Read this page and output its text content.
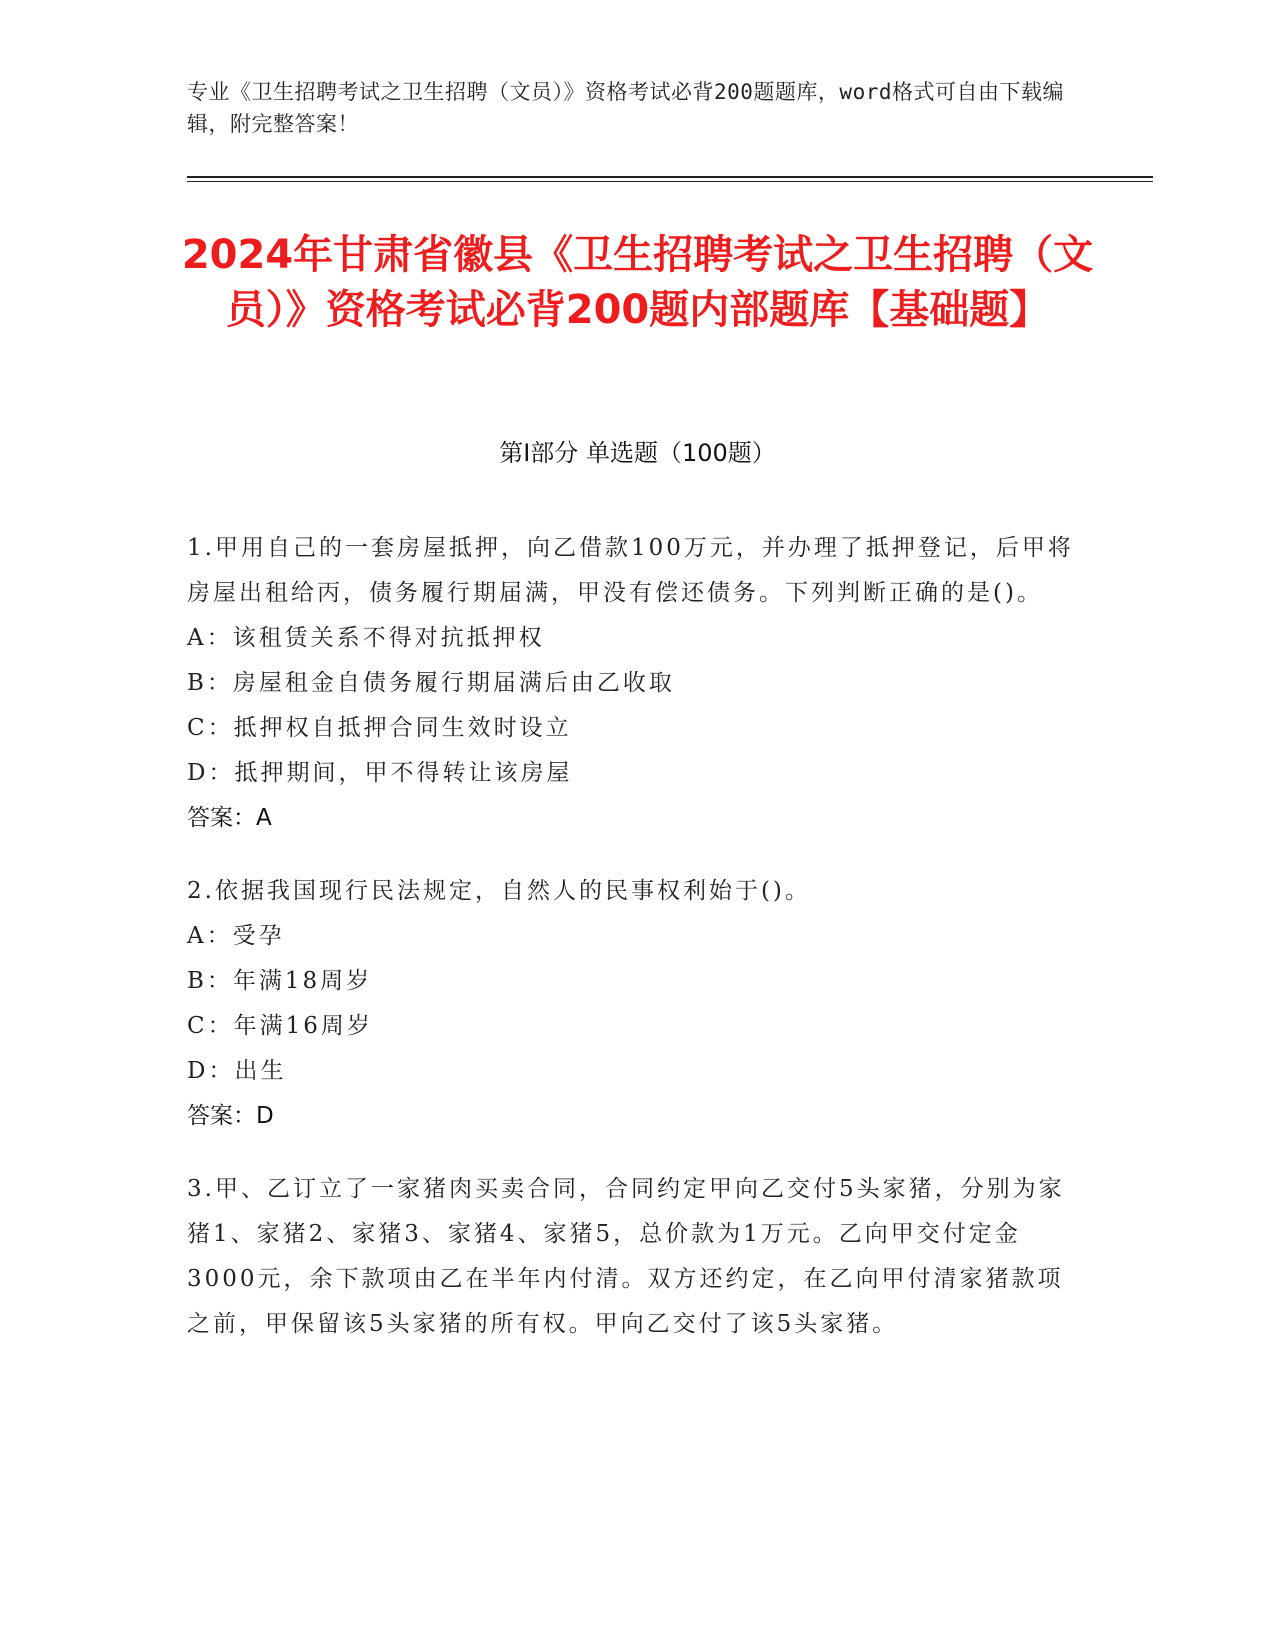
专业《卫生招聘考试之卫生招聘（文员）》资格考试必背200题题库，word格式可自由下载编辑，附完整答案！
2024年甘肃省徽县《卫生招聘考试之卫生招聘（文员）》资格考试必背200题内部题库【基础题】
第Ⅰ部分 单选题（100题）
1.甲用自己的一套房屋抵押，向乙借款100万元，并办理了抵押登记，后甲将房屋出租给丙，债务履行期届满，甲没有偿还债务。下列判断正确的是()。
A：该租赁关系不得对抗抵押权
B：房屋租金自债务履行期届满后由乙收取
C：抵押权自抵押合同生效时设立
D：抵押期间，甲不得转让该房屋
答案：A
2.依据我国现行民法规定，自然人的民事权利始于()。
A：受孕
B：年满18周岁
C：年满16周岁
D：出生
答案：D
3.甲、乙订立了一家猪肉买卖合同，合同约定甲向乙交付5头家猪，分别为家猪1、家猪2、家猪3、家猪4、家猪5，总价款为1万元。乙向甲交付定金3000元，余下款项由乙在半年内付清。双方还约定，在乙向甲付清家猪款项之前，甲保留该5头家猪的所有权。甲向乙交付了该5头家猪。
